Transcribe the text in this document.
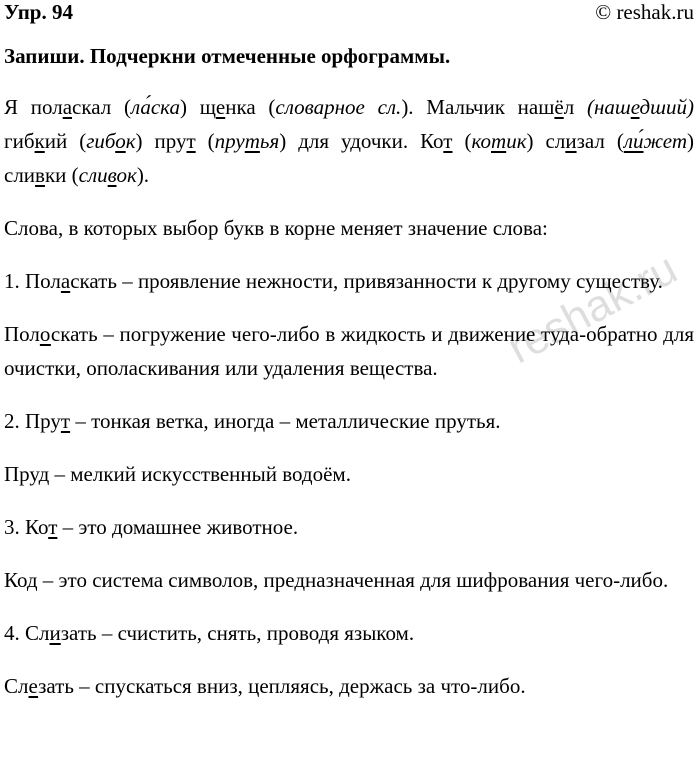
Упр. 94	© reshak.ru
Запиши. Подчеркни отмеченные орфограммы.

Я поласкал (ла́ска) щенка (словарное сл.). Мальчик нашёл (нашедший) гибкий (гибок) прут (прутья) для удочки. Кот (котик) слизал (ли́жет) сливки (сливок).

Слова, в которых выбор букв в корне меняет значение слова:

1. Поласкать – проявление нежности, привязанности к другому существу.

Полоскать – погружение чего-либо в жидкость и движение туда-обратно для очистки, ополаскивания или удаления вещества.

2. Прут – тонкая ветка, иногда – металлические прутья.

Пруд – мелкий искусственный водоём.

3. Кот – это домашнее животное.

Код – это система символов, предназначенная для шифрования чего-либо.

4. Слизать – счистить, снять, проводя языком.

Слезать – спускаться вниз, цепляясь, держась за что-либо.

reshak.ru
